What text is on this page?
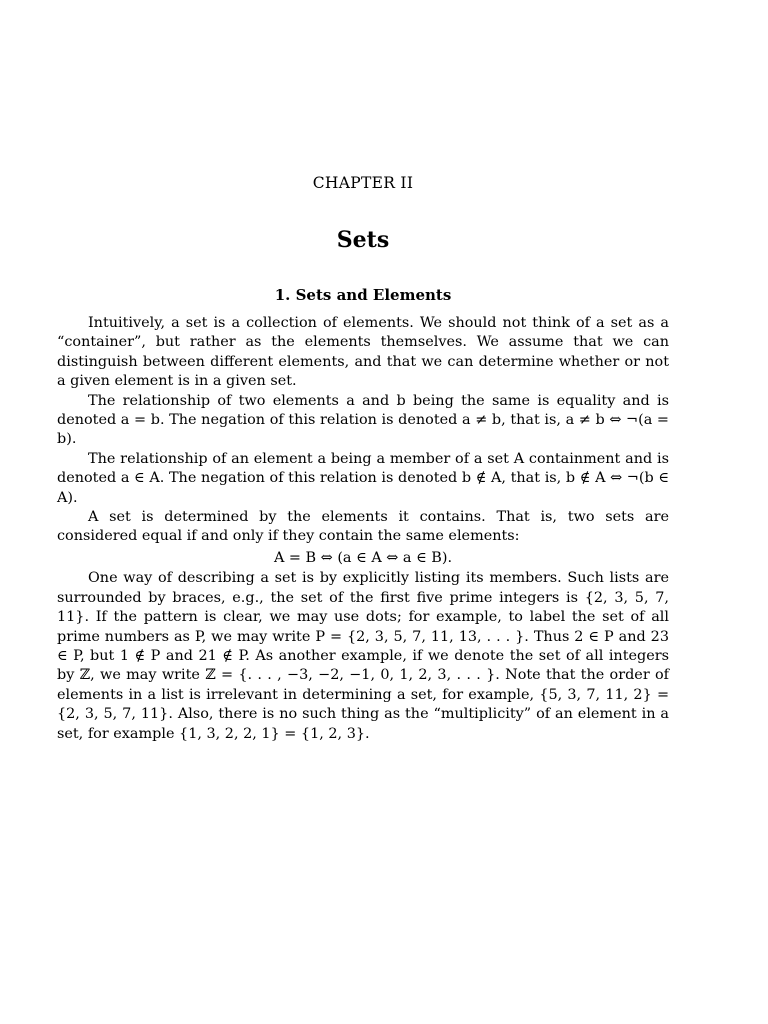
CHAPTER II
Sets
1. Sets and Elements

Intuitively, a set is a collection of elements. We should not think of a set as a “container”, but rather as the elements themselves. We assume that we can distinguish between different elements, and that we can determine whether or not a given element is in a given set.

The relationship of two elements a and b being the same is equality and is denoted a = b. The negation of this relation is denoted a ≠ b, that is, a ≠ b ⇔ ¬(a = b).

The relationship of an element a being a member of a set A containment and is denoted a ∈ A. The negation of this relation is denoted b ∉ A, that is, b ∉ A ⇔ ¬(b ∈ A).

A set is determined by the elements it contains. That is, two sets are considered equal if and only if they contain the same elements:

A = B ⇔ (a ∈ A ⇔ a ∈ B).

One way of describing a set is by explicitly listing its members. Such lists are surrounded by braces, e.g., the set of the first five prime integers is {2, 3, 5, 7, 11}. If the pattern is clear, we may use dots; for example, to label the set of all prime numbers as P, we may write P = {2, 3, 5, 7, 11, 13, . . . }. Thus 2 ∈ P and 23 ∈ P, but 1 ∉ P and 21 ∉ P. As another example, if we denote the set of all integers by ℤ, we may write ℤ = {. . . , −3, −2, −1, 0, 1, 2, 3, . . . }. Note that the order of elements in a list is irrelevant in determining a set, for example, {5, 3, 7, 11, 2} = {2, 3, 5, 7, 11}. Also, there is no such thing as the “multiplicity” of an element in a set, for example {1, 3, 2, 2, 1} = {1, 2, 3}.
